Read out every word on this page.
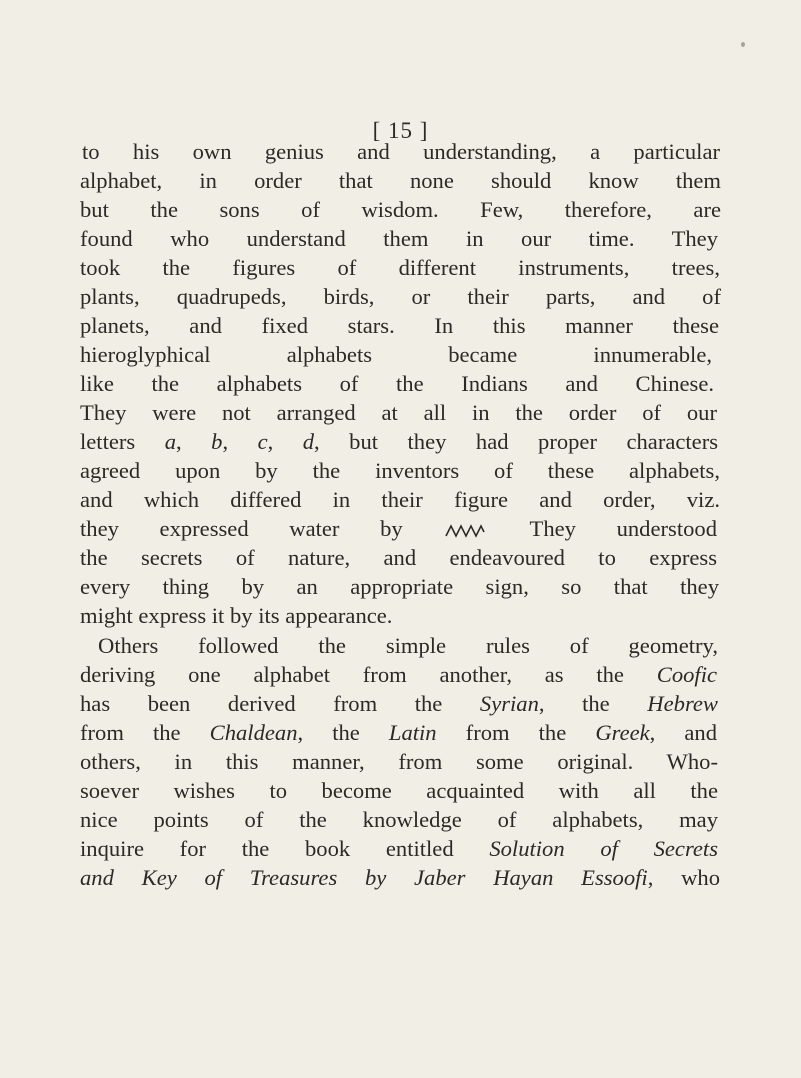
[ 15 ]
to his own genius and understanding, a particular
alphabet, in order that none should know them
but the sons of wisdom. Few, therefore, are
found who understand them in our time. They
took the figures of different instruments, trees,
plants, quadrupeds, birds, or their parts, and of
planets, and fixed stars. In this manner these
hieroglyphical alphabets became innumerable,
like the alphabets of the Indians and Chinese.
They were not arranged at all in the order of our
letters a, b, c, d, but they had proper characters
agreed upon by the inventors of these alphabets,
and which differed in their figure and order, viz.
they expressed water by  They understood
the secrets of nature, and endeavoured to express
every thing by an appropriate sign, so that they
might express it by its appearance.
Others followed the simple rules of geometry,
deriving one alphabet from another, as the Coofic
has been derived from the Syrian, the Hebrew
from the Chaldean, the Latin from the Greek, and
others, in this manner, from some original. Who-
soever wishes to become acquainted with all the
nice points of the knowledge of alphabets, may
inquire for the book entitled Solution of Secrets
and Key of Treasures by Jaber Hayan Essoofi, who
